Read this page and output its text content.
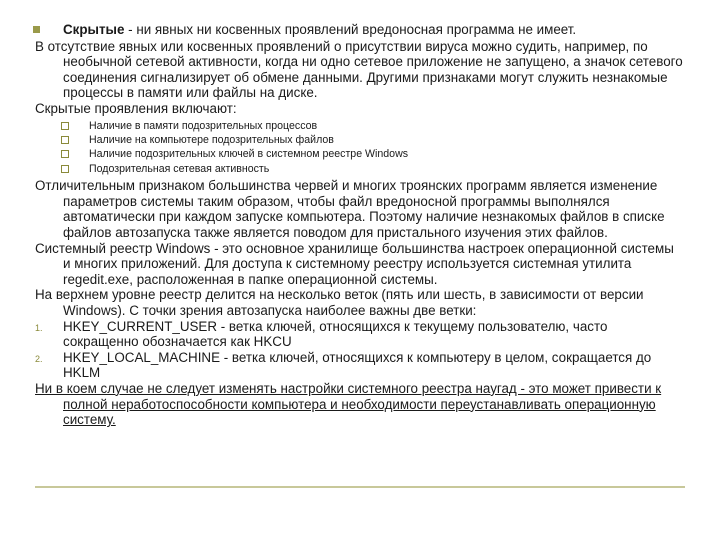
Скрытые - ни явных ни косвенных проявлений вредоносная программа не имеет.

В отсутствие явных или косвенных проявлений о присутствии вируса можно судить, например, по необычной сетевой активности, когда ни одно сетевое приложение не запущено, а значок сетевого соединения сигнализирует об обмене данными. Другими признаками могут служить незнакомые процессы в памяти или файлы на диске.

Скрытые проявления включают:

Наличие в памяти подозрительных процессов
Наличие на компьютере подозрительных файлов
Наличие подозрительных ключей в системном реестре Windows
Подозрительная сетевая активность

Отличительным признаком большинства червей и многих троянских программ является изменение параметров системы таким образом, чтобы файл вредоносной программы выполнялся автоматически при каждом запуске компьютера. Поэтому наличие незнакомых файлов в списке файлов автозапуска также является поводом для пристального изучения этих файлов.

Системный реестр Windows - это основное хранилище большинства настроек операционной системы и многих приложений. Для доступа к системному реестру используется системная утилита regedit.exe, расположенная в папке операционной системы.

На верхнем уровне реестр делится на несколько веток (пять или шесть, в зависимости от версии Windows). С точки зрения автозапуска наиболее важны две ветки:

1. HKEY_CURRENT_USER - ветка ключей, относящихся к текущему пользователю, часто сокращенно обозначается как HKCU

2. HKEY_LOCAL_MACHINE - ветка ключей, относящихся к компьютеру в целом, сокращается до HKLM

Ни в коем случае не следует изменять настройки системного реестра наугад - это может привести к полной неработоспособности компьютера и необходимости переустанавливать операционную систему.
